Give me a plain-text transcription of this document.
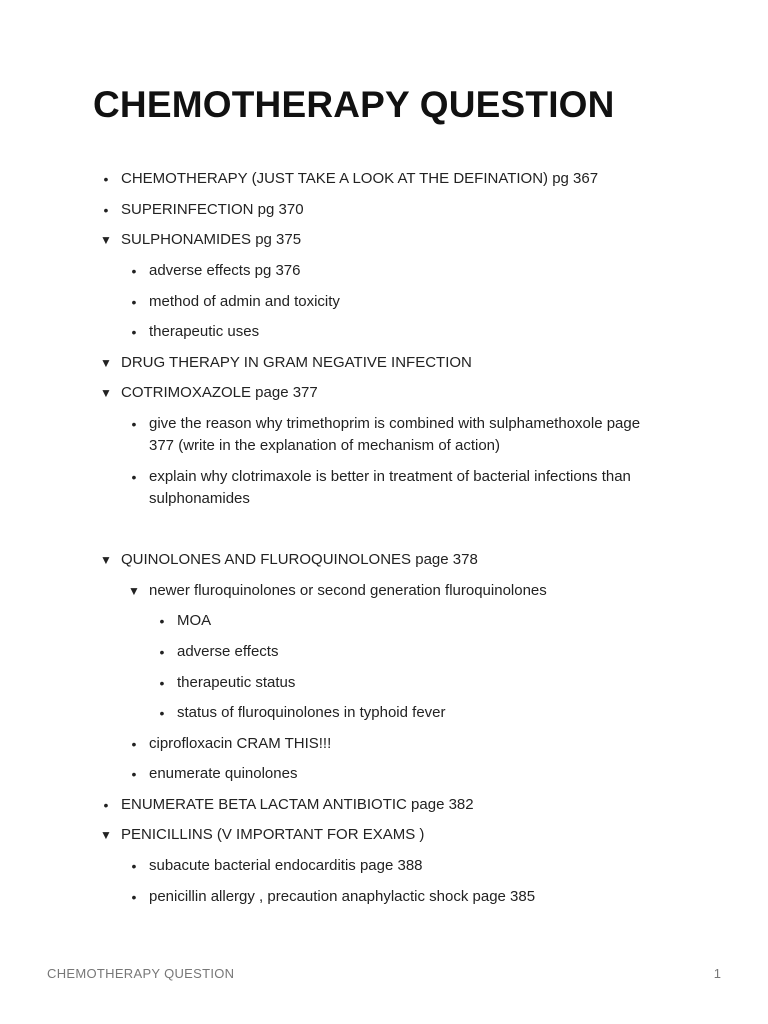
CHEMOTHERAPY QUESTION
• CHEMOTHERAPY (JUST TAKE A LOOK AT THE DEFINATION) pg 367
• SUPERINFECTION pg 370
▼ SULPHONAMIDES pg 375
• adverse effects pg 376
• method of admin and toxicity
• therapeutic uses
▼ DRUG THERAPY IN GRAM NEGATIVE INFECTION
▼ COTRIMOXAZOLE page 377
• give the reason why trimethoprim is combined with sulphamethoxole page 377 (write in the explanation of mechanism of action)
• explain why clotrimaxole is better in treatment of bacterial infections than sulphonamides
▼ QUINOLONES AND FLUROQUINOLONES page 378
▼ newer fluroquinolones or second generation fluroquinolones
• MOA
• adverse effects
• therapeutic status
• status of fluroquinolones in typhoid fever
• ciprofloxacin CRAM THIS!!!
• enumerate quinolones
• ENUMERATE BETA LACTAM ANTIBIOTIC page 382
▼ PENICILLINS (V IMPORTANT FOR EXAMS )
• subacute bacterial endocarditis page 388
• penicillin allergy , precaution anaphylactic shock page 385
CHEMOTHERAPY QUESTION	1
